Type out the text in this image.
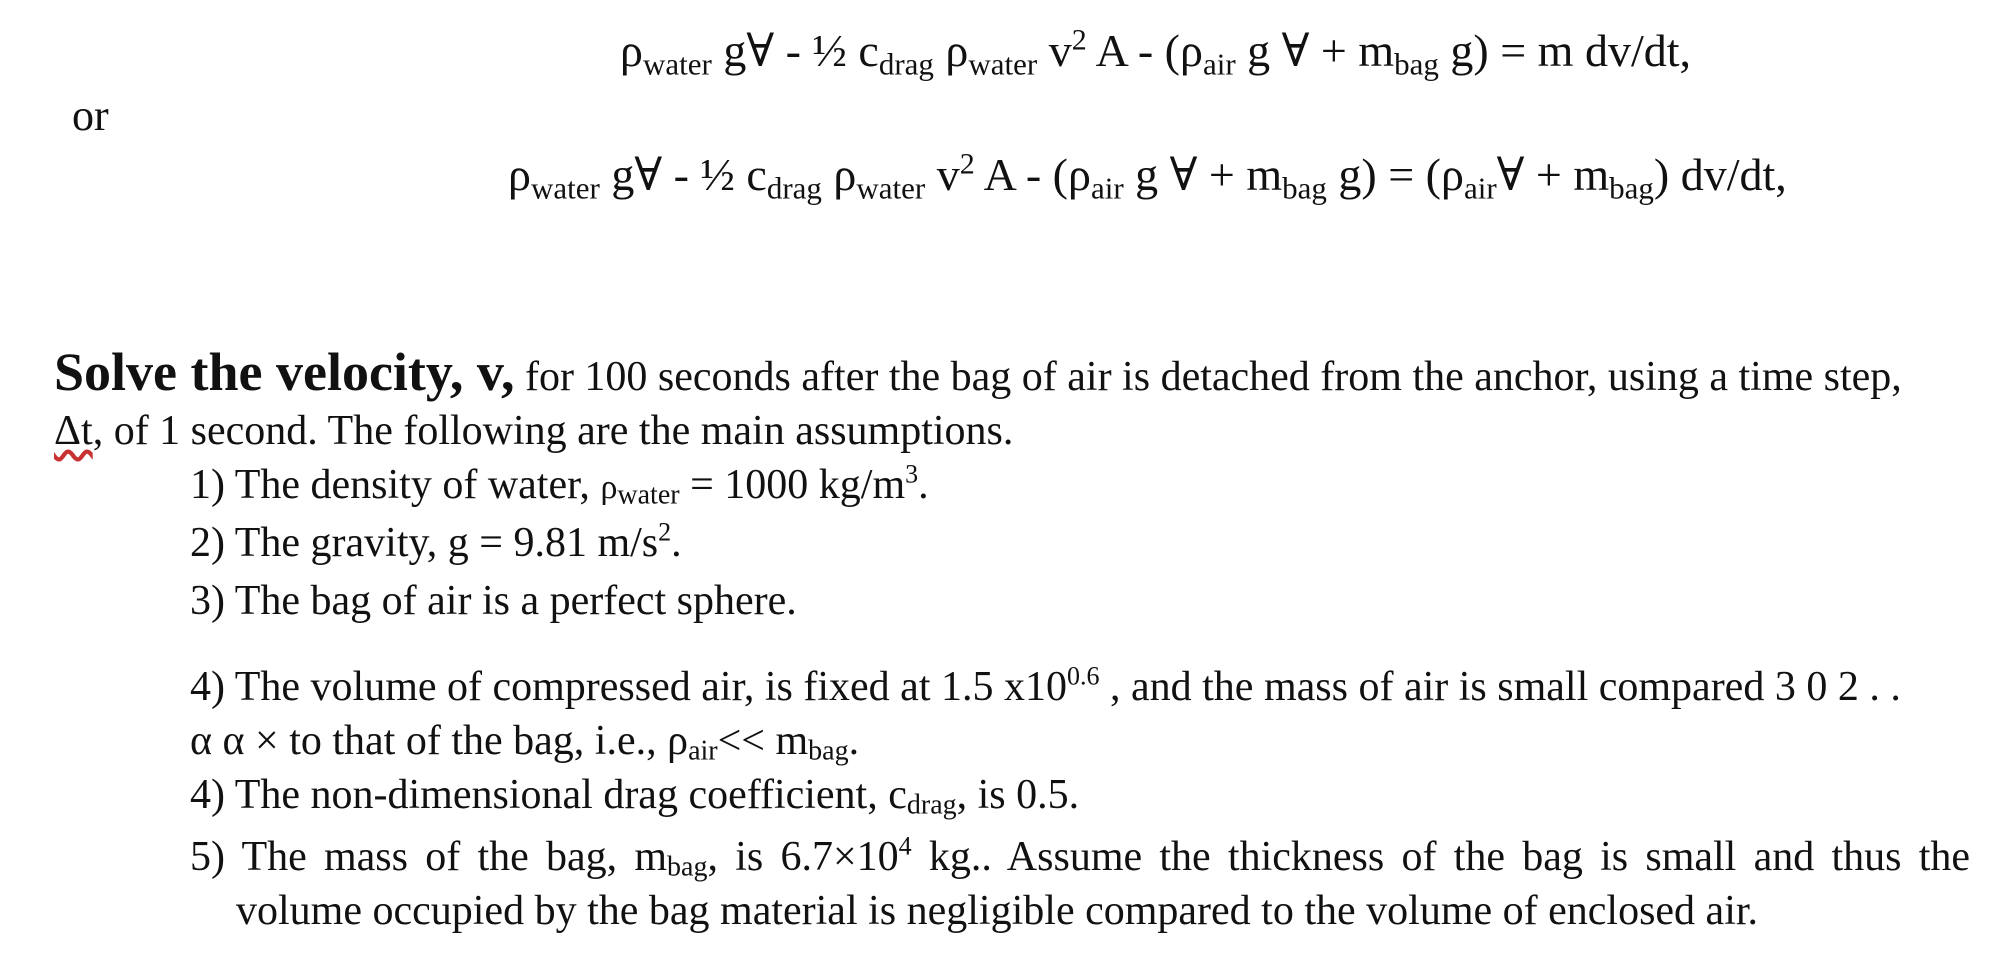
$\rho_{water}$ g∀ - ½ $c_{drag}$ $\rho_{water}$ $v^2$ A - ($\rho_{air}$ g ∀ + $m_{bag}$ g) = m dv/dt,
or
$\rho_{water}$ g∀ - ½ $c_{drag}$ $\rho_{water}$ $v^2$ A - ($\rho_{air}$ g ∀ + $m_{bag}$ $g) = (\rho_{air}\forall + m_{bag})$ dv/dt,
Solve the velocity, v, for 100 seconds after the bag of air is detached from the anchor, using a time step,
Δt, of 1 second. The following are the main assumptions.
1) The density of water, ρwater = 1000 $kg/m^3$.
2) The gravity, g = 9.81 $m/s^2$.
3) The bag of air is a perfect sphere.
4) The volume of compressed air, is fixed at 1.5 $x10^{0.6}$ , and the mass of air is small compared 3 0 2 . .
α α × to that of the bag, i.e., ρair<< mbag.
4) The non-dimensional drag coefficient, cdrag, is 0.5.
5) The mass of the bag, mbag, is $6.7\times 10^4$ kg.. Assume the thickness of the bag is small and thus the
volume occupied by the bag material is negligible compared to the volume of enclosed air.
